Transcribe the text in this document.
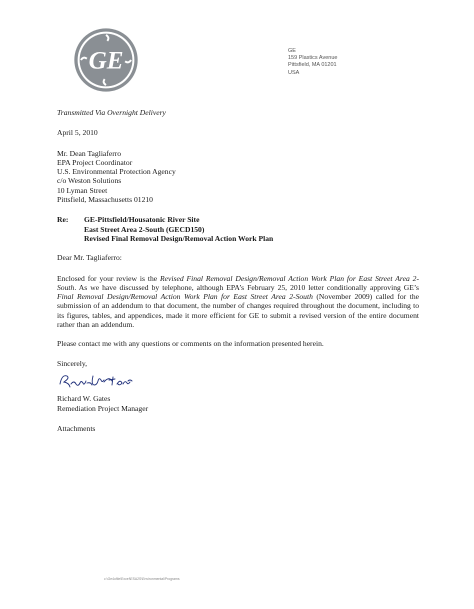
GE	GE
159 Plastics Avenue
Pittsfield, MA 01201
USA
Transmitted Via Overnight Delivery
April 5, 2010
Mr. Dean Tagliaferro
EPA Project Coordinator
U.S. Environmental Protection Agency
c/o Weston Solutions
10 Lyman Street
Pittsfield, Massachusetts 01210
Re:	GE-Pittsfield/Housatonic River Site
East Street Area 2-South (GECD150)
Revised Final Removal Design/Removal Action Work Plan
Dear Mr. Tagliaferro:
Enclosed for your review is the Revised Final Removal Design/Removal Action Work Plan for East Street Area 2-South. As we have discussed by telephone, although EPA’s February 25, 2010 letter conditionally approving GE’s Final Removal Design/Removal Action Work Plan for East Street Area 2-South (November 2009) called for the submission of an addendum to that document, the number of changes required throughout the document, including to its figures, tables, and appendices, made it more efficient for GE to submit a revised version of the entire document rather than an addendum.
Please contact me with any questions or comments on the information presented herein.
Sincerely,
Richard W. Gates
Remediation Project Manager
Attachments
c:\Ge4ofile\Excel\ESA2S\Environmental\Programs
